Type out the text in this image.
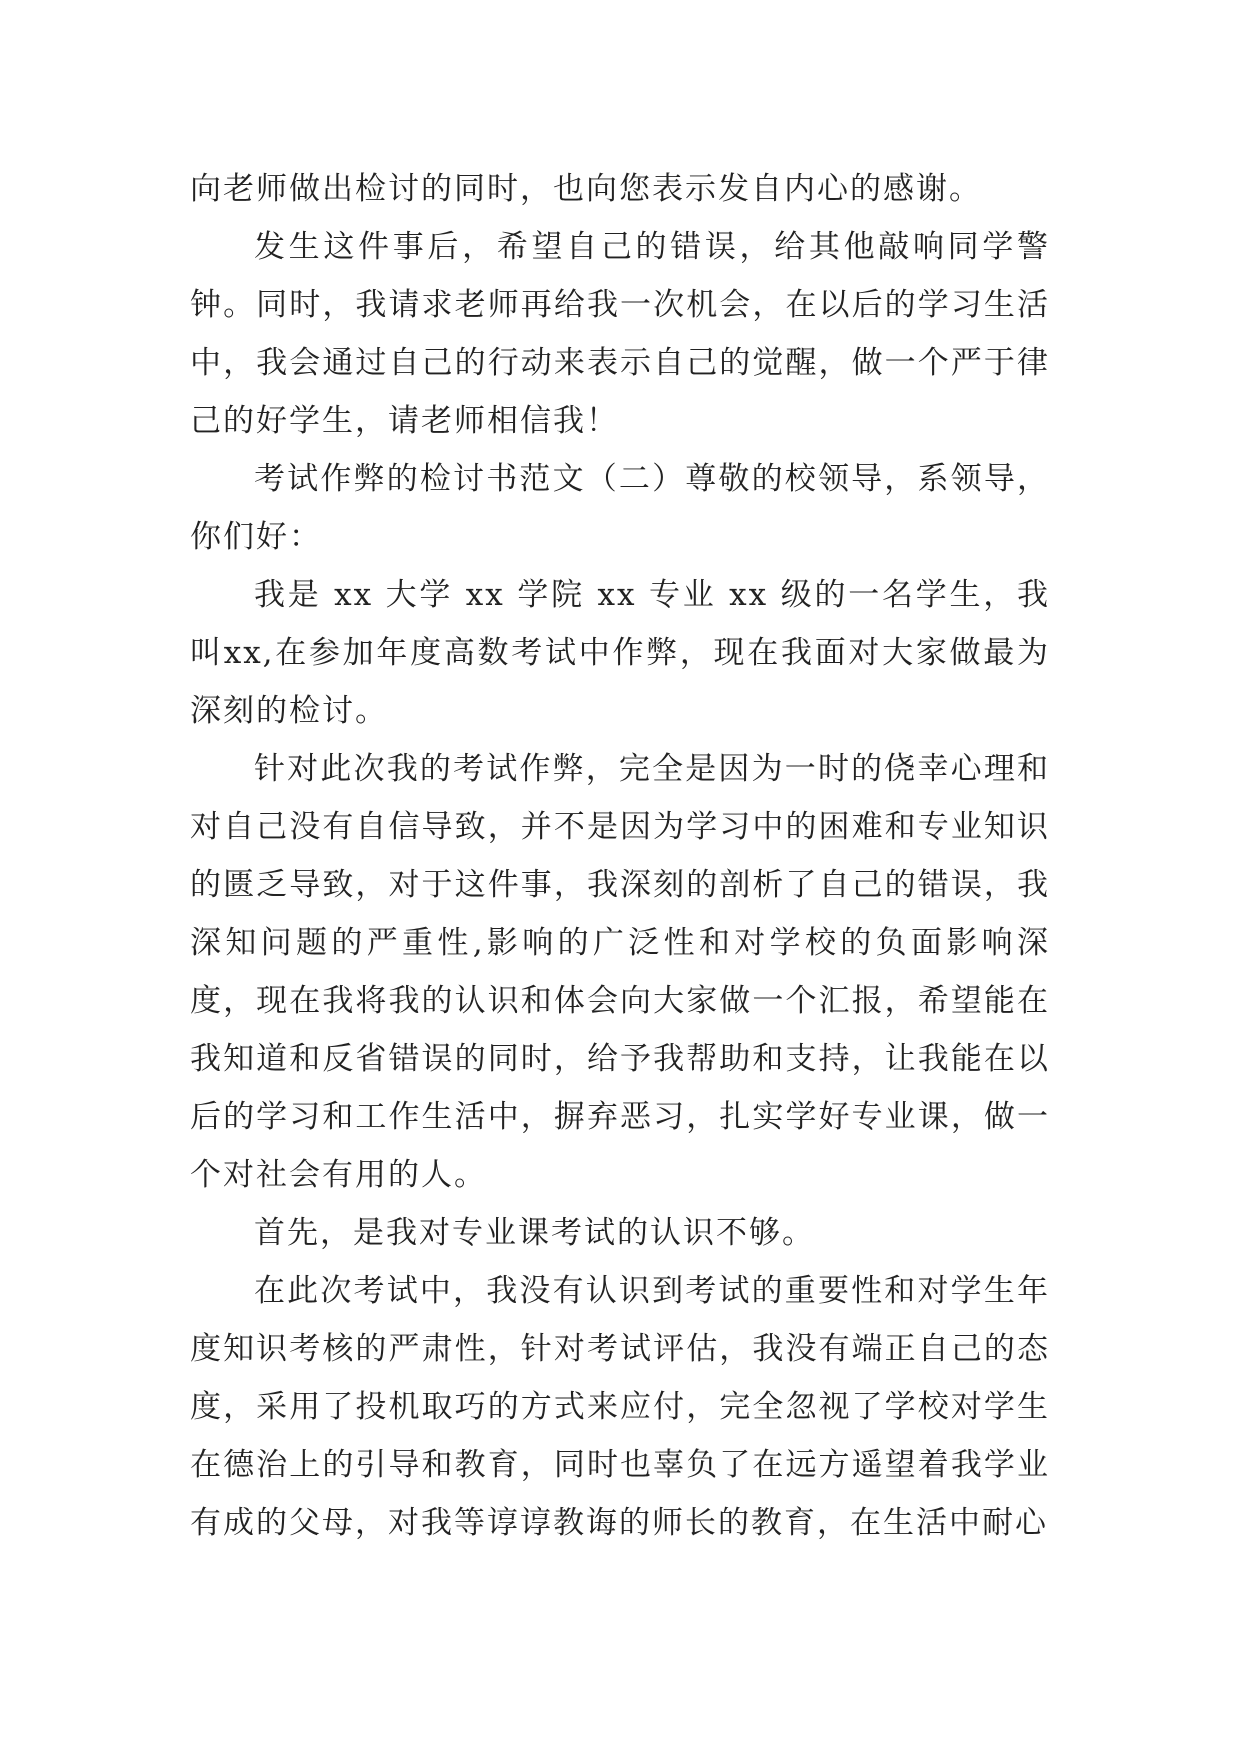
向老师做出检讨的同时，也向您表示发自内心的感谢。

发生这件事后，希望自己的错误，给其他敲响同学警钟。同时，我请求老师再给我一次机会，在以后的学习生活中，我会通过自己的行动来表示自己的觉醒，做一个严于律己的好学生，请老师相信我！

考试作弊的检讨书范文（二）尊敬的校领导，系领导，你们好：

我是 xx 大学 xx 学院 xx 专业 xx 级的一名学生，我叫xx,在参加年度高数考试中作弊，现在我面对大家做最为深刻的检讨。

针对此次我的考试作弊，完全是因为一时的侥幸心理和对自己没有自信导致，并不是因为学习中的困难和专业知识的匮乏导致，对于这件事，我深刻的剖析了自己的错误，我深知问题的严重性,影响的广泛性和对学校的负面影响深度，现在我将我的认识和体会向大家做一个汇报，希望能在我知道和反省错误的同时，给予我帮助和支持，让我能在以后的学习和工作生活中，摒弃恶习，扎实学好专业课，做一个对社会有用的人。

首先，是我对专业课考试的认识不够。

在此次考试中，我没有认识到考试的重要性和对学生年度知识考核的严肃性，针对考试评估，我没有端正自己的态度，采用了投机取巧的方式来应付，完全忽视了学校对学生在德治上的引导和教育，同时也辜负了在远方遥望着我学业有成的父母，对我等谆谆教诲的师长的教育，在生活中耐心
